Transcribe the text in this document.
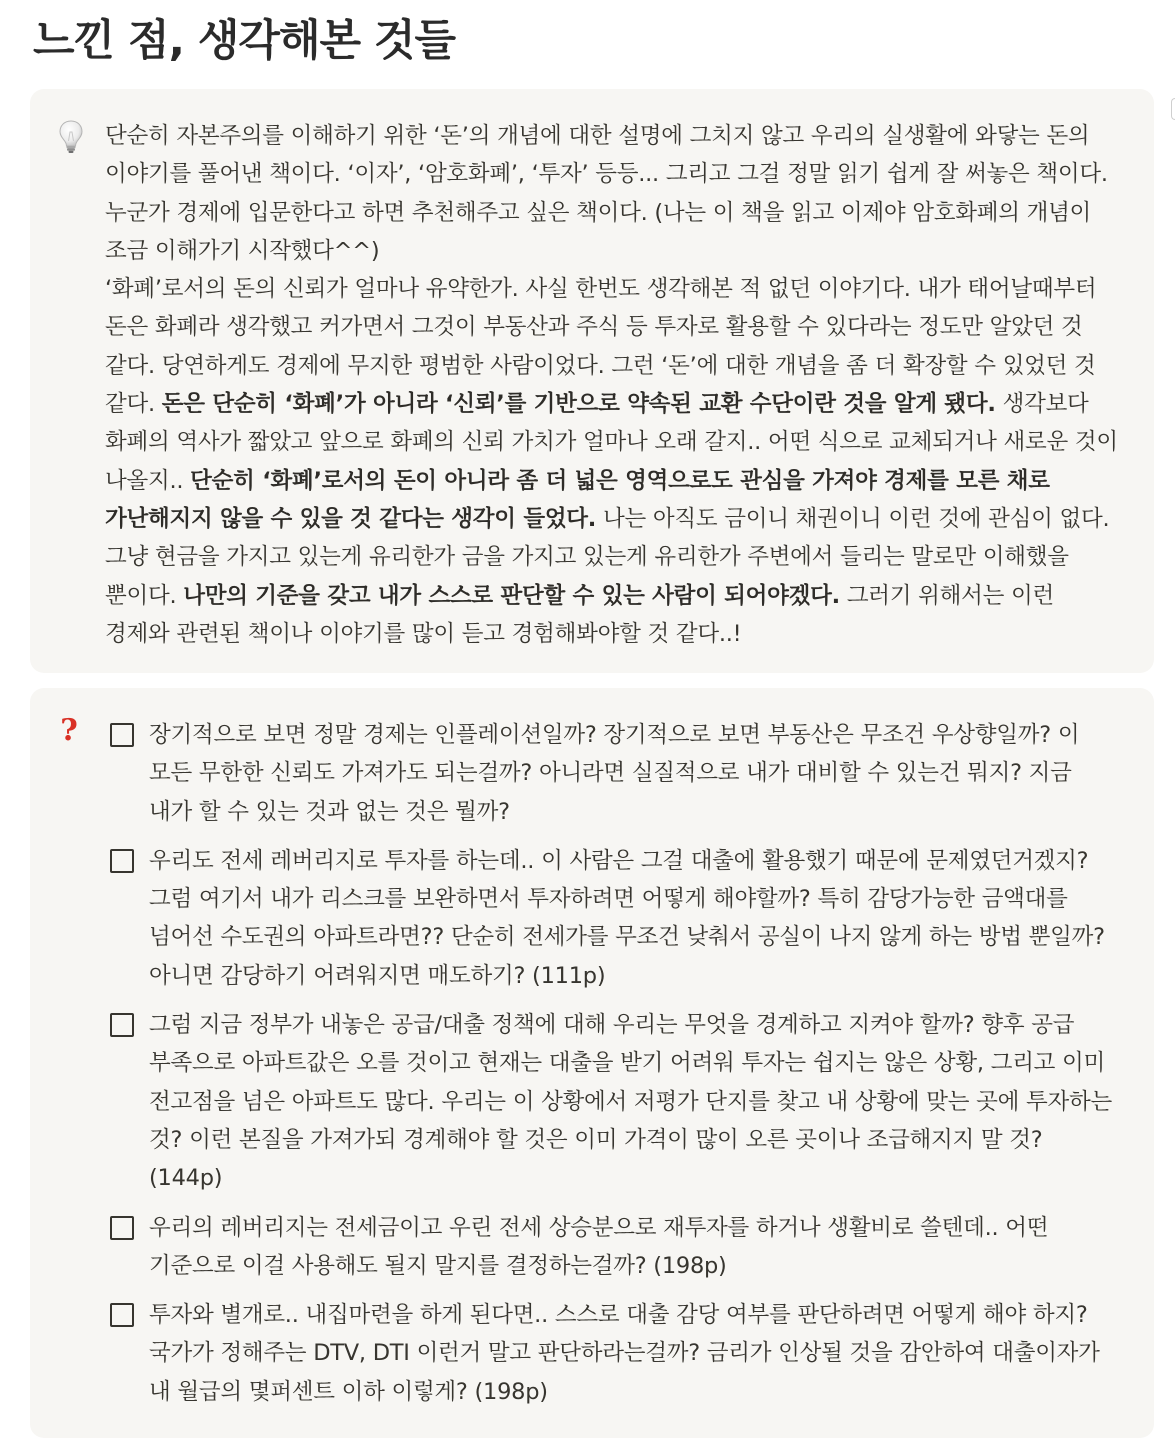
느낀 점, 생각해본 것들

단순히 자본주의를 이해하기 위한 ‘돈’의 개념에 대한 설명에 그치지 않고 우리의 실생활에 와닿는 돈의 이야기를 풀어낸 책이다. ‘이자’, ‘암호화폐’, ‘투자’ 등등... 그리고 그걸 정말 읽기 쉽게 잘 써놓은 책이다. 누군가 경제에 입문한다고 하면 추천해주고 싶은 책이다. (나는 이 책을 읽고 이제야 암호화폐의 개념이 조금 이해가기 시작했다^^)
‘화폐’로서의 돈의 신뢰가 얼마나 유약한가. 사실 한번도 생각해본 적 없던 이야기다. 내가 태어날때부터 돈은 화폐라 생각했고 커가면서 그것이 부동산과 주식 등 투자로 활용할 수 있다라는 정도만 알았던 것 같다. 당연하게도 경제에 무지한 평범한 사람이었다. 그런 ‘돈’에 대한 개념을 좀 더 확장할 수 있었던 것 같다. 돈은 단순히 ‘화폐’가 아니라 ‘신뢰’를 기반으로 약속된 교환 수단이란 것을 알게 됐다. 생각보다 화폐의 역사가 짧았고 앞으로 화폐의 신뢰 가치가 얼마나 오래 갈지.. 어떤 식으로 교체되거나 새로운 것이 나올지.. 단순히 ‘화폐’로서의 돈이 아니라 좀 더 넓은 영역으로도 관심을 가져야 경제를 모른 채로 가난해지지 않을 수 있을 것 같다는 생각이 들었다. 나는 아직도 금이니 채권이니 이런 것에 관심이 없다. 그냥 현금을 가지고 있는게 유리한가 금을 가지고 있는게 유리한가 주변에서 들리는 말로만 이해했을 뿐이다. 나만의 기준을 갖고 내가 스스로 판단할 수 있는 사람이 되어야겠다. 그러기 위해서는 이런 경제와 관련된 책이나 이야기를 많이 듣고 경험해봐야할 것 같다..!

?	장기적으로 보면 정말 경제는 인플레이션일까? 장기적으로 보면 부동산은 무조건 우상향일까? 이 모든 무한한 신뢰도 가져가도 되는걸까? 아니라면 실질적으로 내가 대비할 수 있는건 뭐지? 지금 내가 할 수 있는 것과 없는 것은 뭘까?
우리도 전세 레버리지로 투자를 하는데.. 이 사람은 그걸 대출에 활용했기 때문에 문제였던거겠지? 그럼 여기서 내가 리스크를 보완하면서 투자하려면 어떻게 해야할까? 특히 감당가능한 금액대를 넘어선 수도권의 아파트라면?? 단순히 전세가를 무조건 낮춰서 공실이 나지 않게 하는 방법 뿐일까? 아니면 감당하기 어려워지면 매도하기? (111p)
그럼 지금 정부가 내놓은 공급/대출 정책에 대해 우리는 무엇을 경계하고 지켜야 할까? 향후 공급 부족으로 아파트값은 오를 것이고 현재는 대출을 받기 어려워 투자는 쉽지는 않은 상황, 그리고 이미 전고점을 넘은 아파트도 많다. 우리는 이 상황에서 저평가 단지를 찾고 내 상황에 맞는 곳에 투자하는 것? 이런 본질을 가져가되 경계해야 할 것은 이미 가격이 많이 오른 곳이나 조급해지지 말 것? (144p)
우리의 레버리지는 전세금이고 우린 전세 상승분으로 재투자를 하거나 생활비로 쓸텐데.. 어떤 기준으로 이걸 사용해도 될지 말지를 결정하는걸까? (198p)
투자와 별개로.. 내집마련을 하게 된다면.. 스스로 대출 감당 여부를 판단하려면 어떻게 해야 하지? 국가가 정해주는 DTV, DTI 이런거 말고 판단하라는걸까? 금리가 인상될 것을 감안하여 대출이자가 내 월급의 몇퍼센트 이하 이렇게? (198p)
